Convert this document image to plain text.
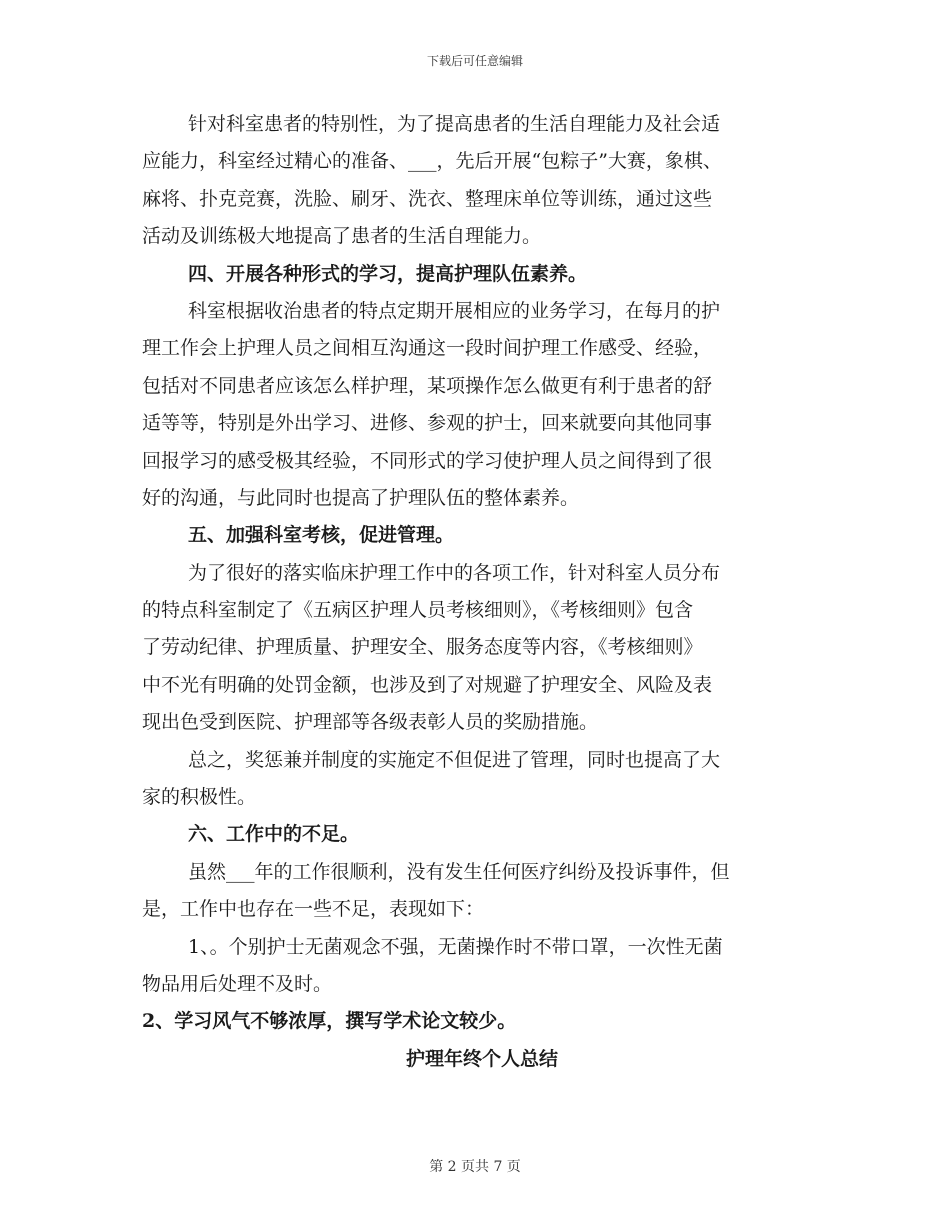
下载后可任意编辑
针对科室患者的特别性，为了提高患者的生活自理能力及社会适
应能力，科室经过精心的准备、___，先后开展“包粽子”大赛，象棋、
麻将、扑克竞赛，洗脸、刷牙、洗衣、整理床单位等训练，通过这些
活动及训练极大地提高了患者的生活自理能力。
四、开展各种形式的学习，提高护理队伍素养。
科室根据收治患者的特点定期开展相应的业务学习，在每月的护
理工作会上护理人员之间相互沟通这一段时间护理工作感受、经验，
包括对不同患者应该怎么样护理，某项操作怎么做更有利于患者的舒
适等等，特别是外出学习、进修、参观的护士，回来就要向其他同事
回报学习的感受极其经验，不同形式的学习使护理人员之间得到了很
好的沟通，与此同时也提高了护理队伍的整体素养。
五、加强科室考核，促进管理。
为了很好的落实临床护理工作中的各项工作，针对科室人员分布
的特点科室制定了《五病区护理人员考核细则》，《考核细则》包含
了劳动纪律、护理质量、护理安全、服务态度等内容，《考核细则》
中不光有明确的处罚金额，也涉及到了对规避了护理安全、风险及表
现出色受到医院、护理部等各级表彰人员的奖励措施。
总之，奖惩兼并制度的实施定不但促进了管理，同时也提高了大
家的积极性。
六、工作中的不足。
虽然___年的工作很顺利，没有发生任何医疗纠纷及投诉事件，但
是，工作中也存在一些不足，表现如下：
1、。个别护士无菌观念不强，无菌操作时不带口罩，一次性无菌
物品用后处理不及时。
2、学习风气不够浓厚，撰写学术论文较少。
护理年终个人总结
第 2 页共 7 页
